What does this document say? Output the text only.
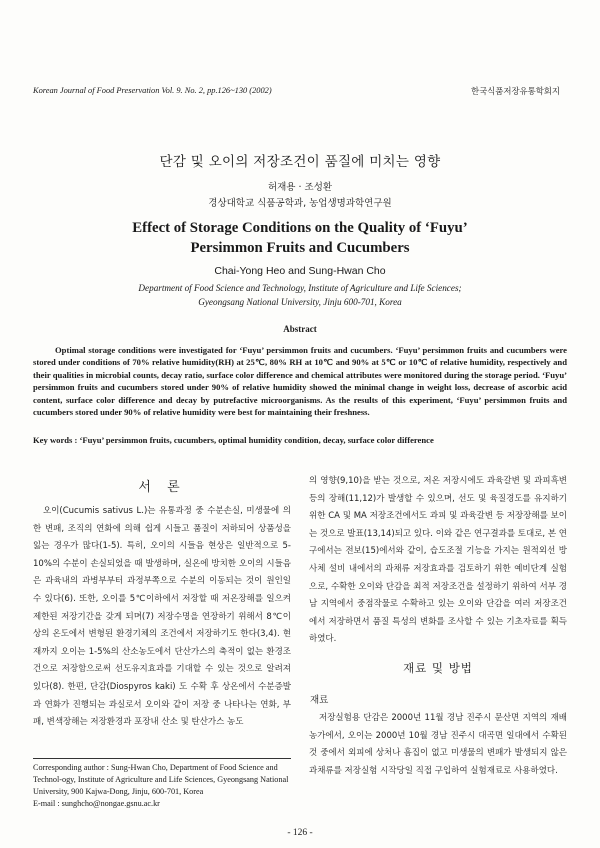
Korean Journal of Food Preservation Vol. 9. No. 2, pp.126~130 (2002)	한국식품저장유통학회지
단감 및 오이의 저장조건이 품질에 미치는 영향
허재용 · 조성환
경상대학교 식품공학과, 농업생명과학연구원
Effect of Storage Conditions on the Quality of ‘Fuyu’
Persimmon Fruits and Cucumbers
Chai-Yong Heo and Sung-Hwan Cho
Department of Food Science and Technology, Institute of Agriculture and Life Sciences;
Gyeongsang National University, Jinju 600-701, Korea
Abstract

Optimal storage conditions were investigated for ‘Fuyu’ persimmon fruits and cucumbers. ‘Fuyu’ persimmon fruits and cucumbers were stored under conditions of 70% relative humidity(RH) at 25℃, 80% RH at 10℃ and 90% at 5℃ or 10℃ of relative humidity, respectively and their qualities in microbial counts, decay ratio, surface color difference and chemical attributes were monitored during the storage period. ‘Fuyu’ persimmon fruits and cucumbers stored under 90% of relative humidity showed the minimal change in weight loss, decrease of ascorbic acid content, surface color difference and decay by putrefactive microorganisms. As the results of this experiment, ‘Fuyu’ persimmon fruits and cucumbers stored under 90% of relative humidity were best for maintaining their freshness.

Key words : ‘Fuyu’ persimmon fruits, cucumbers, optimal humidity condition, decay, surface color difference
서 론

오이(Cucumis sativus L.)는 유통과정 중 수분손실, 미생물에 의한 변패, 조직의 연화에 의해 쉽게 시들고 품질이 저하되어 상품성을 잃는 경우가 많다(1-5). 특히, 오이의 시들음 현상은 일반적으로 5-10%의 수분이 손실되었을 때 발생하며, 실온에 방치한 오이의 시들음은 과육내의 과병부부터 과정부쪽으로 수분의 이동되는 것이 원인일 수 있다(6). 또한, 오이를 5℃이하에서 저장할 때 저온장해를 일으켜 제한된 저장기간을 갖게 되며(7) 저장수명을 연장하기 위해서 8℃이상의 온도에서 변형된 환경기체의 조건에서 저장하기도 한다(3,4). 현재까지 오이는 1-5%의 산소농도에서 단산가스의 축적이 없는 환경조건으로 저장함으로써 선도유지효과를 기대할 수 있는 것으로 알려져 있다(8). 한편, 단감(Diospyros kaki) 도 수확 후 상온에서 수분증발과 연화가 진행되는 과실로서 오이와 같이 저장 중 나타나는 연화, 부패, 변색장해는 저장환경과 포장내 산소 및 탄산가스 농도

의 영향(9,10)을 받는 것으로, 저온 저장시에도 과육갈변 및 과피흑변 등의 장해(11,12)가 발생할 수 있으며, 선도 및 육질경도를 유지하기 위한 CA 및 MA 저장조건에서도 과피 및 과육갈변 등 저장장해를 보이는 것으로 발표(13,14)되고 있다. 이와 같은 연구결과를 토대로, 본 연구에서는 전보(15)에서와 같이, 습도조절 기능을 가지는 원적외선 방사체 설비 내에서의 과채류 저장효과를 검토하기 위한 예비단계 실험으로, 수확한 오이와 단감을 최적 저장조건을 설정하기 위하여 서부 경남 지역에서 중점작물로 수확하고 있는 오이와 단감을 여러 저장조건에서 저장하면서 품질 특성의 변화를 조사할 수 있는 기초자료를 획득하였다.

재료 및 방법
재료

저장실험용 단감은 2000년 11월 경남 진주시 문산면 지역의 재배농가에서, 오이는 2000년 10월 경남 진주시 대곡면 일대에서 수확된 것 중에서 외피에 상처나 흠집이 없고 미생물의 변패가 발생되지 않은 과채류를 저장실험 시작당일 직접 구입하여 실험재료로 사용하였다.

Corresponding author : Sung-Hwan Cho, Department of Food Science and Technol-ogy, Institute of Agriculture and Life Sciences, Gyeongsang National University, 900 Kajwa-Dong, Jinju, 600-701, Korea
E-mail : sunghcho@nongae.gsnu.ac.kr

- 126 -
